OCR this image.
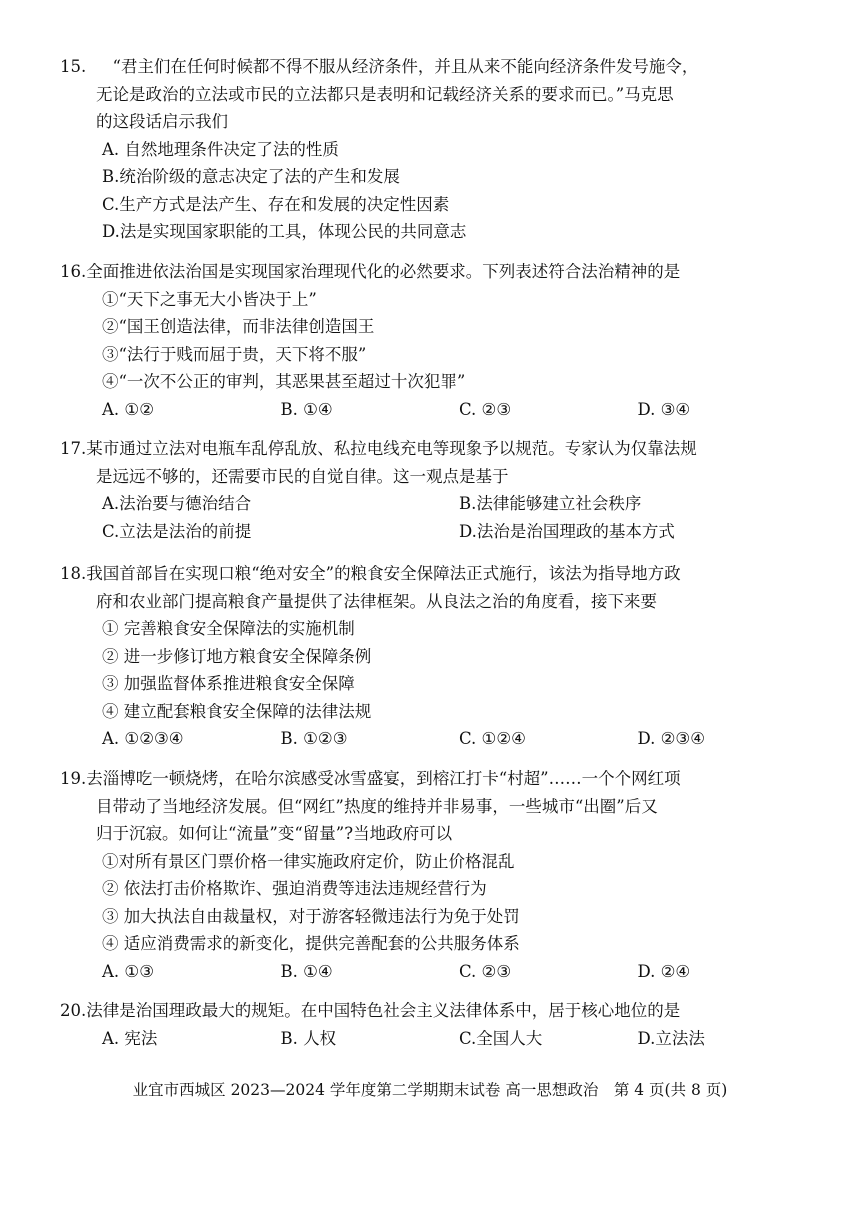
15. 　“君主们在任何时候都不得不服从经济条件，并且从来不能向经济条件发号施令，
无论是政治的立法或市民的立法都只是表明和记载经济关系的要求而已。”马克思
的这段话启示我们
A. 自然地理条件决定了法的性质
B.统治阶级的意志决定了法的产生和发展
C.生产方式是法产生、存在和发展的决定性因素
D.法是实现国家职能的工具，体现公民的共同意志
16. 全面推进依法治国是实现国家治理现代化的必然要求。下列表述符合法治精神的是
①“天下之事无大小皆决于上”
②“国王创造法律，而非法律创造国王
③“法行于贱而屈于贵，天下将不服”
④“一次不公正的审判，其恶果甚至超过十次犯罪”
A. ①②	B. ①④	C. ②③	D. ③④
17. 某市通过立法对电瓶车乱停乱放、私拉电线充电等现象予以规范。专家认为仅靠法规
是远远不够的，还需要市民的自觉自律。这一观点是基于
A.法治要与德治结合	B.法律能够建立社会秩序
C.立法是法治的前提	D.法治是治国理政的基本方式
18. 我国首部旨在实现口粮“绝对安全”的粮食安全保障法正式施行，该法为指导地方政
府和农业部门提高粮食产量提供了法律框架。从良法之治的角度看，接下来要
① 完善粮食安全保障法的实施机制
② 进一步修订地方粮食安全保障条例
③ 加强监督体系推进粮食安全保障
④ 建立配套粮食安全保障的法律法规
A. ①②③④	B. ①②③	C. ①②④	D. ②③④
19. 去淄博吃一顿烧烤，在哈尔滨感受冰雪盛宴，到榕江打卡“村超”……一个个网红项
目带动了当地经济发展。但“网红”热度的维持并非易事，一些城市“出圈”后又
归于沉寂。如何让“流量”变“留量”?当地政府可以
①对所有景区门票价格一律实施政府定价，防止价格混乱
② 依法打击价格欺诈、强迫消费等违法违规经营行为
③ 加大执法自由裁量权，对于游客轻微违法行为免于处罚
④ 适应消费需求的新变化，提供完善配套的公共服务体系
A. ①③	B. ①④	C. ②③	D. ②④
20. 法律是治国理政最大的规矩。在中国特色社会主义法律体系中，居于核心地位的是
A. 宪法	B. 人权	C.全国人大	D.立法法
业宜市西城区 2023—2024 学年度第二学期期末试卷 高一思想政治　第 4 页(共 8 页)
